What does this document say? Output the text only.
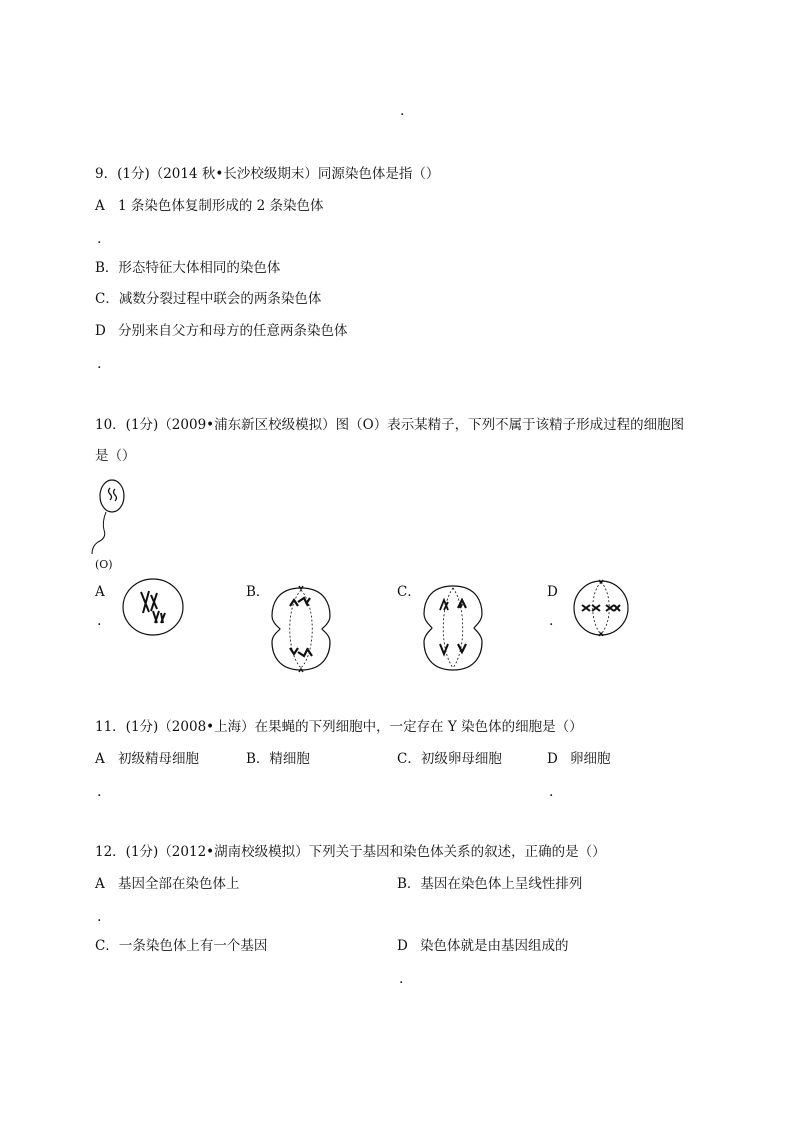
.
9．(1分)（2014 秋•长沙校级期末）同源染色体是指（）
A 1 条染色体复制形成的 2 条染色体
.
B．形态特征大体相同的染色体
C．减数分裂过程中联会的两条染色体
D 分别来自父方和母方的任意两条染色体
.
10．(1分)（2009•浦东新区校级模拟）图（O）表示某精子，下列不属于该精子形成过程的细胞图
是（）
(O)
A
.
B．	C．	D
.
11．(1分)（2008•上海）在果蝇的下列细胞中，一定存在 Y 染色体的细胞是（）
A 初级精母细胞
.
B．精细胞	C．初级卵母细胞	D 卵细胞
.
12．(1分)（2012•湖南校级模拟）下列关于基因和染色体关系的叙述，正确的是（）
A 基因全部在染色体上
.
B．基因在染色体上呈线性排列
C．一条染色体上有一个基因	D 染色体就是由基因组成的
.
